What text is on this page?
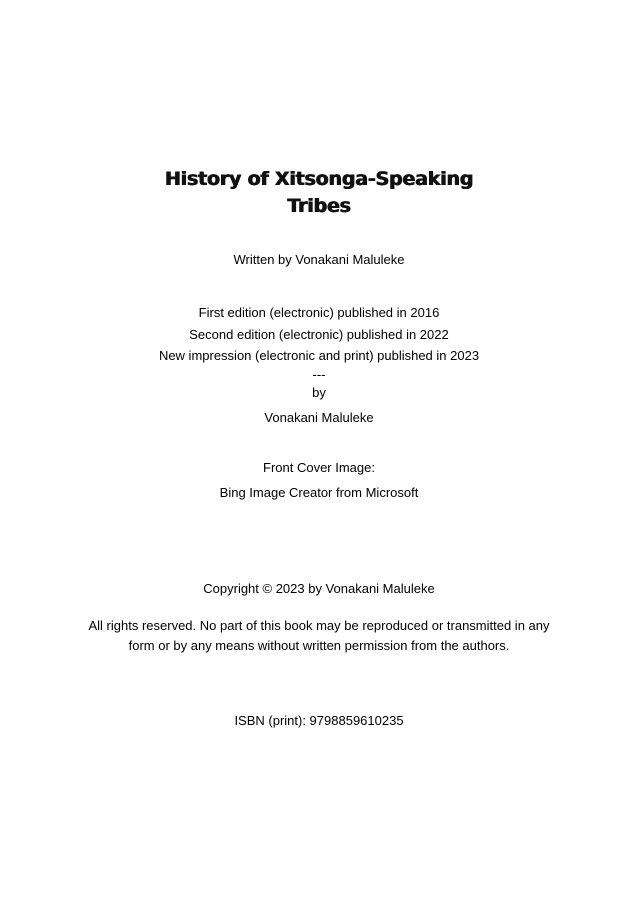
History of Xitsonga-Speaking
Tribes
Written by Vonakani Maluleke
First edition (electronic) published in 2016
Second edition (electronic) published in 2022
New impression (electronic and print) published in 2023
---
by
Vonakani Maluleke
Front Cover Image:
Bing Image Creator from Microsoft
Copyright © 2023 by Vonakani Maluleke
All rights reserved. No part of this book may be reproduced or transmitted in any
form or by any means without written permission from the authors.
ISBN (print): 9798859610235
